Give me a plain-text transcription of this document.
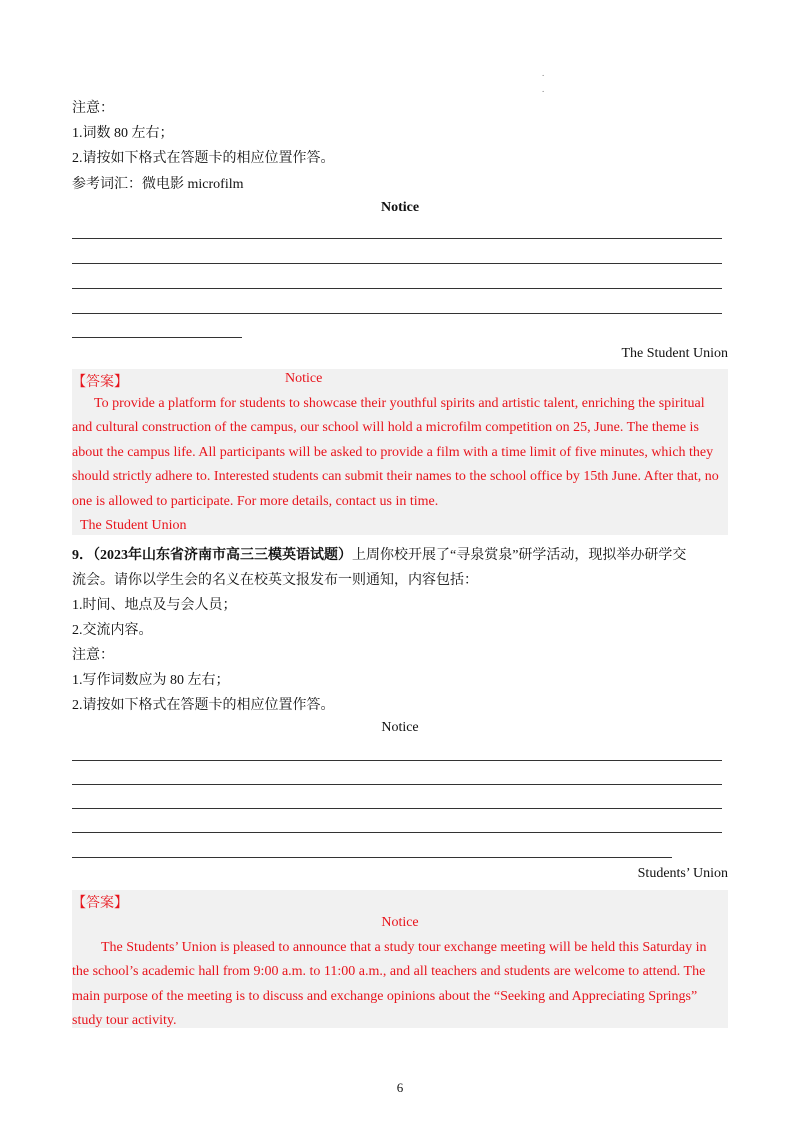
.
.
注意：
1.词数 80 左右；
2.请按如下格式在答题卡的相应位置作答。
参考词汇：微电影 microfilm
Notice
The Student Union
【答案】	Notice
To provide a platform for students to showcase their youthful spirits and artistic talent, enriching the spiritual
and cultural construction of the campus, our school will hold a microfilm competition on 25, June. The theme is
about the campus life. All participants will be asked to provide a film with a time limit of five minutes, which they
should strictly adhere to. Interested students can submit their names to the school office by 15th June. After that, no
one is allowed to participate. For more details, contact us in time.
The Student Union
9．（2023年山东省济南市高三三模英语试题）上周你校开展了“寻泉赏泉”研学活动，现拟举办研学交
流会。请你以学生会的名义在校英文报发布一则通知，内容包括：
1.时间、地点及与会人员；
2.交流内容。
注意：
1.写作词数应为 80 左右；
2.请按如下格式在答题卡的相应位置作答。
Notice
Students’ Union
【答案】
Notice
The Students’ Union is pleased to announce that a study tour exchange meeting will be held this Saturday in
the school’s academic hall from 9:00 a.m. to 11:00 a.m., and all teachers and students are welcome to attend. The
main purpose of the meeting is to discuss and exchange opinions about the “Seeking and Appreciating Springs”
study tour activity.
6
